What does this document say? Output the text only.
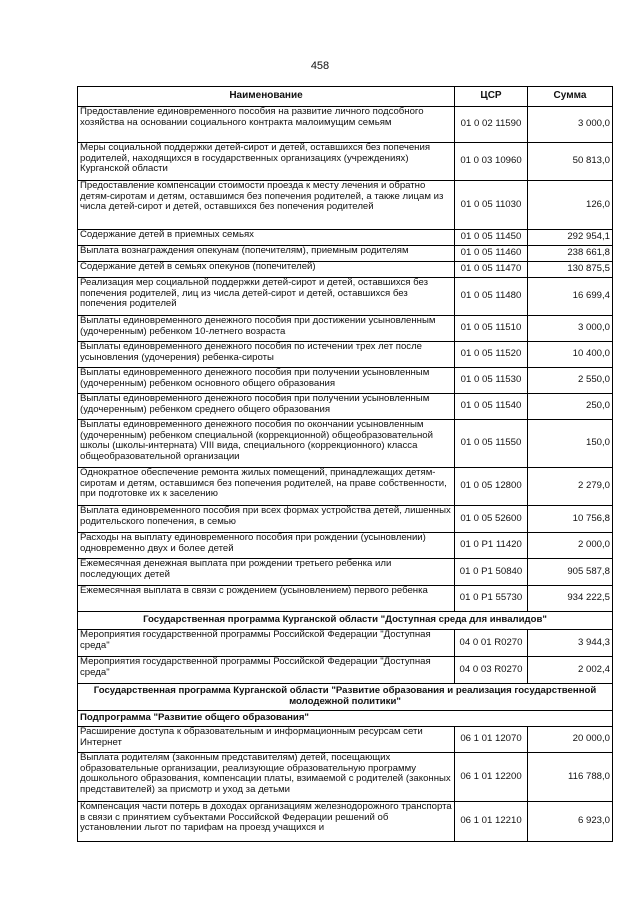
458
Наименование	ЦСР	Сумма
Предоставление единовременного пособия на развитие личного подсобного хозяйства на основании социального контракта малоимущим семьям	01 0 02 11590	3 000,0
Меры социальной поддержки детей-сирот и детей, оставшихся без попечения родителей, находящихся в государственных организациях (учреждениях) Курганской области	01 0 03 10960	50 813,0
Предоставление компенсации стоимости проезда к месту лечения и обратно детям-сиротам и детям, оставшимся без попечения родителей, а также лицам из числа детей-сирот и детей, оставшихся без попечения родителей	01 0 05 11030	126,0
Содержание детей в приемных семьях	01 0 05 11450	292 954,1
Выплата вознаграждения опекунам (попечителям), приемным родителям	01 0 05 11460	238 661,8
Содержание детей в семьях опекунов (попечителей)	01 0 05 11470	130 875,5
Реализация мер социальной поддержки детей-сирот и детей, оставшихся без попечения родителей, лиц из числа детей-сирот и детей, оставшихся без попечения родителей	01 0 05 11480	16 699,4
Выплаты единовременного денежного пособия при достижении усыновленным (удочеренным) ребенком 10-летнего возраста	01 0 05 11510	3 000,0
Выплаты единовременного денежного пособия по истечении трех лет после усыновления (удочерения) ребенка-сироты	01 0 05 11520	10 400,0
Выплаты единовременного денежного пособия при получении усыновленным (удочеренным) ребенком основного общего образования	01 0 05 11530	2 550,0
Выплаты единовременного денежного пособия при получении усыновленным (удочеренным) ребенком среднего общего образования	01 0 05 11540	250,0
Выплаты единовременного денежного пособия по окончании усыновленным (удочеренным) ребенком специальной (коррекционной) общеобразовательной школы (школы-интерната) VIII вида, специального (коррекционного) класса общеобразовательной организации	01 0 05 11550	150,0
Однократное обеспечение ремонта жилых помещений, принадлежащих детям-сиротам и детям, оставшимся без попечения родителей, на праве собственности, при подготовке их к заселению	01 0 05 12800	2 279,0
Выплата единовременного пособия при всех формах устройства детей, лишенных родительского попечения, в семью	01 0 05 52600	10 756,8
Расходы на выплату единовременного пособия при рождении (усыновлении) одновременно двух и более детей	01 0 P1 11420	2 000,0
Ежемесячная денежная выплата при рождении третьего ребенка или последующих детей	01 0 P1 50840	905 587,8
Ежемесячная выплата в связи с рождением (усыновлением) первого ребенка	01 0 P1 55730	934 222,5
Государственная программа Курганской области "Доступная среда для инвалидов"		
Мероприятия государственной программы Российской Федерации "Доступная среда"	04 0 01 R0270	3 944,3
Мероприятия государственной программы Российской Федерации "Доступная среда"	04 0 03 R0270	2 002,4
Государственная программа Курганской области "Развитие образования и реализация государственной молодежной политики"		
Подпрограмма "Развитие общего образования"		
Расширение доступа к образовательным и информационным ресурсам сети Интернет	06 1 01 12070	20 000,0
Выплата родителям (законным представителям) детей, посещающих образовательные организации, реализующие образовательную программу дошкольного образования, компенсации платы, взимаемой с родителей (законных представителей) за присмотр и уход за детьми	06 1 01 12200	116 788,0
Компенсация части потерь в доходах организациям железнодорожного транспорта в связи с принятием субъектами Российской Федерации решений об установлении льгот по тарифам на проезд учащихся и	06 1 01 12210	6 923,0
